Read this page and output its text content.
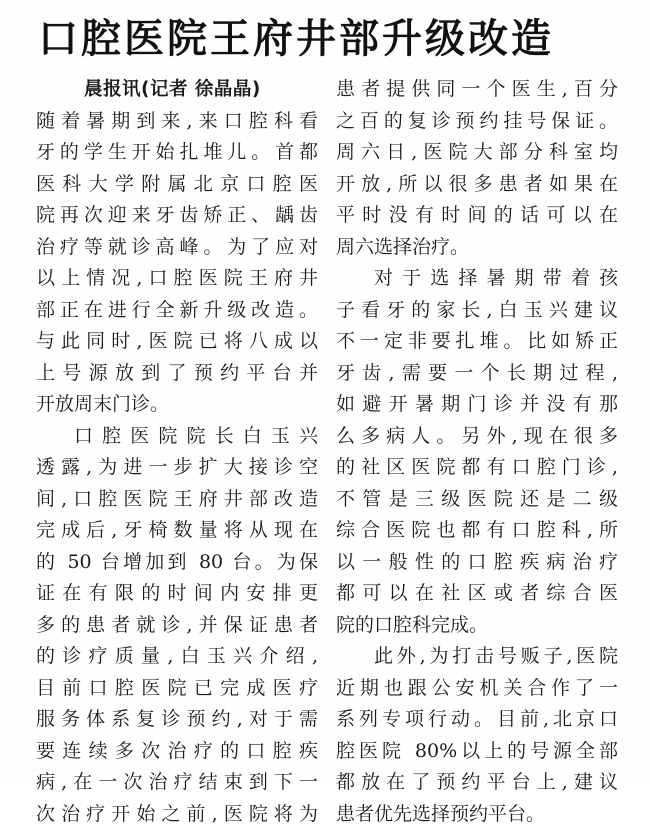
口腔医院王府井部升级改造
晨报讯(记者 徐晶晶)
随着暑期到来,来口腔科看
牙的学生开始扎堆儿。首都
医科大学附属北京口腔医
院再次迎来牙齿矫正、龋齿
治疗等就诊高峰。为了应对
以上情况,口腔医院王府井
部正在进行全新升级改造。
与此同时,医院已将八成以
上号源放到了预约平台并
开放周末门诊。
口腔医院院长白玉兴
透露,为进一步扩大接诊空
间,口腔医院王府井部改造
完成后,牙椅数量将从现在
的 50 台增加到 80 台。为保
证在有限的时间内安排更
多的患者就诊,并保证患者
的诊疗质量,白玉兴介绍,
目前口腔医院已完成医疗
服务体系复诊预约,对于需
要连续多次治疗的口腔疾
病,在一次治疗结束到下一
次治疗开始之前,医院将为
患者提供同一个医生,百分
之百的复诊预约挂号保证。
周六日,医院大部分科室均
开放,所以很多患者如果在
平时没有时间的话可以在
周六选择治疗。
对于选择暑期带着孩
子看牙的家长,白玉兴建议
不一定非要扎堆。比如矫正
牙齿,需要一个长期过程,
如避开暑期门诊并没有那
么多病人。另外,现在很多
的社区医院都有口腔门诊,
不管是三级医院还是二级
综合医院也都有口腔科,所
以一般性的口腔疾病治疗
都可以在社区或者综合医
院的口腔科完成。
此外,为打击号贩子,医院
近期也跟公安机关合作了一
系列专项行动。目前,北京口
腔医院 80%以上的号源全部
都放在了预约平台上,建议
患者优先选择预约平台。
